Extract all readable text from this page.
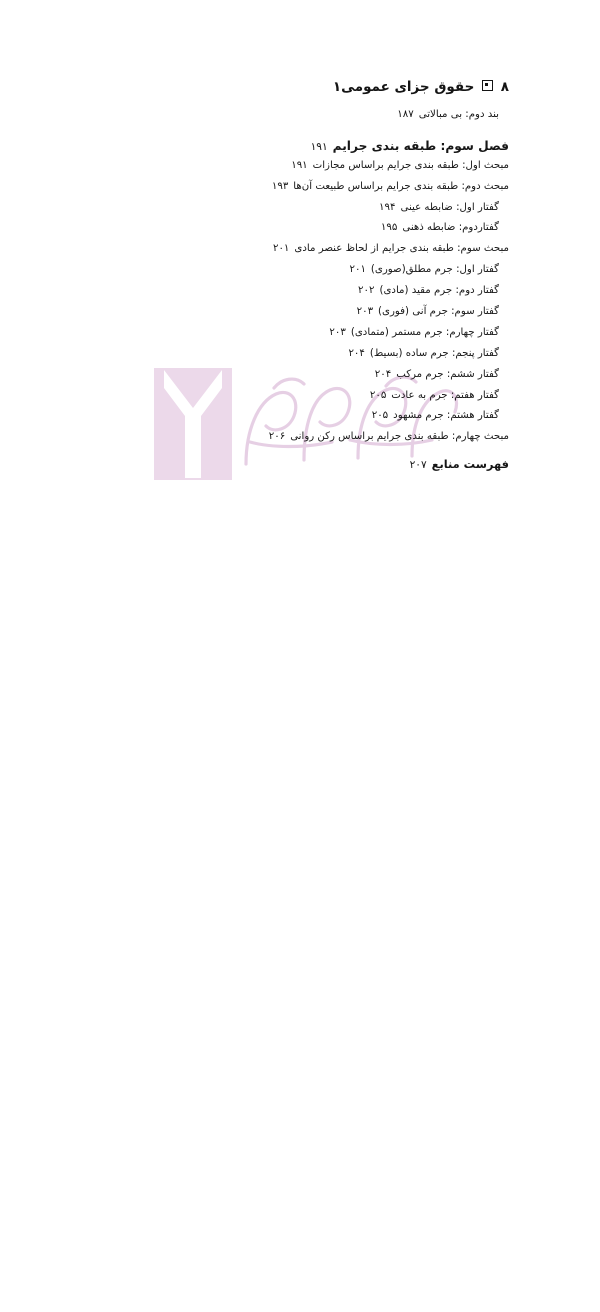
۸  حقوق جزای عمومی۱
بند دوم: بی مبالاتی
۱۸۷
فصل سوم: طبقه بندی جرایم
۱۹۱
مبحث اول: طبقه بندی جرایم براساس مجازات
۱۹۱
مبحث دوم: طبقه بندی جرایم براساس طبیعت آن‌ها
۱۹۳
گفتار اول: ضابطه عینی
۱۹۴
گفتاردوم: ضابطه ذهنی
۱۹۵
مبحث سوم: طبقه بندی جرایم از لحاظ عنصر مادی
۲۰۱
گفتار اول: جرم مطلق(صوری)
۲۰۱
گفتار دوم: جرم مقید (مادی)
۲۰۲
گفتار سوم: جرم آنی (فوری)
۲۰۳
گفتار چهارم: جرم مستمر (متمادی)
۲۰۳
گفتار پنجم: جرم ساده (بسیط)
۲۰۴
گفتار ششم: جرم مرکب
۲۰۴
گفتار هفتم: جرم به عادت
۲۰۵
گفتار هشتم: جرم مشهود
۲۰۵
مبحث چهارم: طبقه بندی جرایم براساس رکن روانی
۲۰۶
فهرست منابع
۲۰۷
